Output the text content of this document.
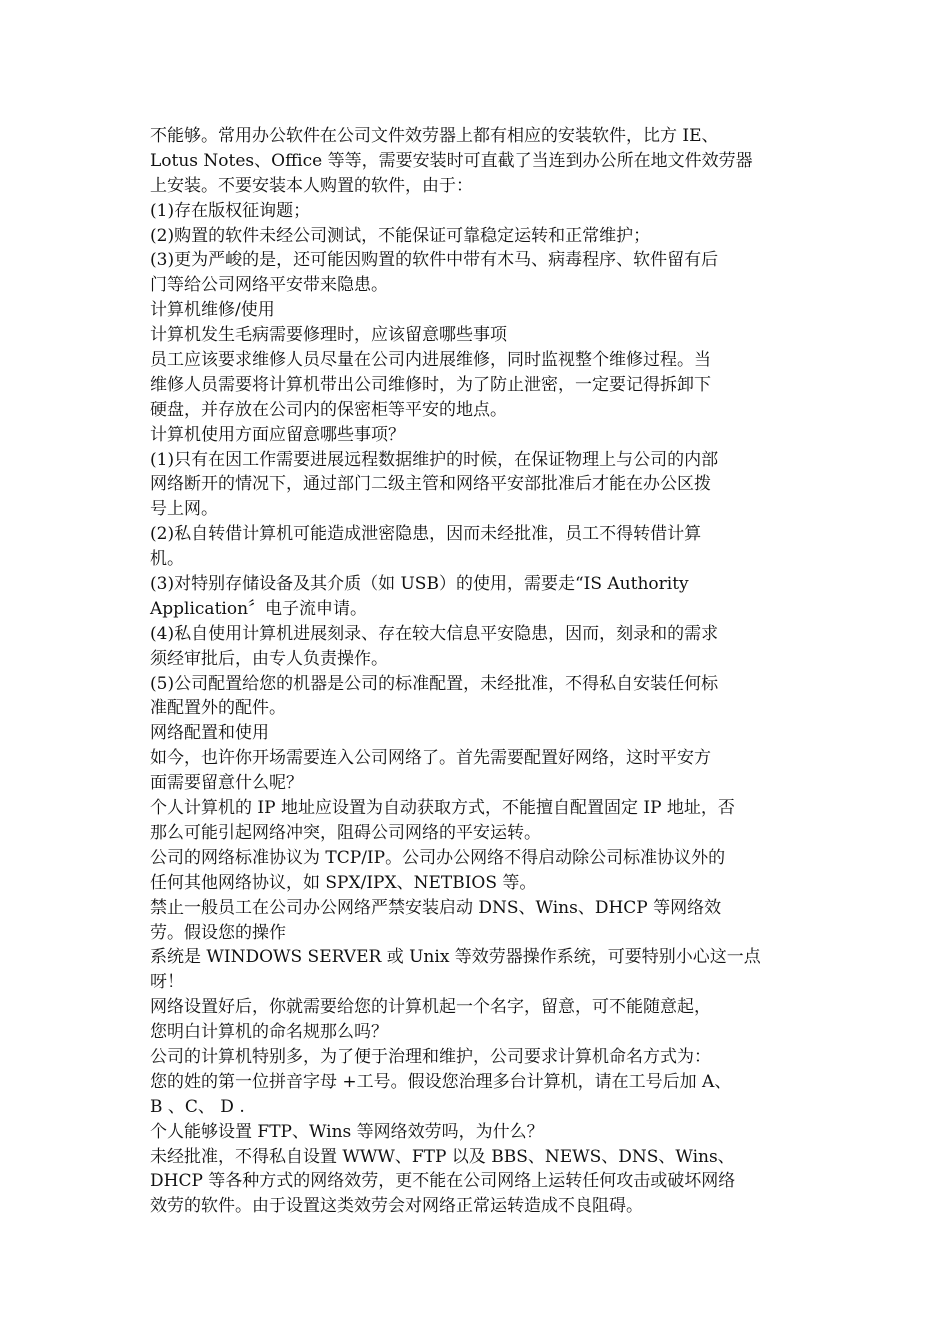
不能够。常用办公软件在公司文件效劳器上都有相应的安装软件，比方 IE、
Lotus Notes、Office 等等，需要安装时可直截了当连到办公所在地文件效劳器
上安装。不要安装本人购置的软件，由于：
(1)存在版权征询题；
(2)购置的软件未经公司测试，不能保证可靠稳定运转和正常维护；
(3)更为严峻的是，还可能因购置的软件中带有木马、病毒程序、软件留有后
门等给公司网络平安带来隐患。
计算机维修/使用
计算机发生毛病需要修理时，应该留意哪些事项
员工应该要求维修人员尽量在公司内进展维修，同时监视整个维修过程。当
维修人员需要将计算机带出公司维修时，为了防止泄密，一定要记得拆卸下
硬盘，并存放在公司内的保密柜等平安的地点。
计算机使用方面应留意哪些事项？
(1)只有在因工作需要进展远程数据维护的时候，在保证物理上与公司的内部
网络断开的情况下，通过部门二级主管和网络平安部批准后才能在办公区拨
号上网。
(2)私自转借计算机可能造成泄密隐患，因而未经批准，员工不得转借计算
机。
(3)对特别存储设备及其介质（如 USB）的使用，需要走“IS Authority
Application〞电子流申请。
(4)私自使用计算机进展刻录、存在较大信息平安隐患，因而，刻录和的需求
须经审批后，由专人负责操作。
(5)公司配置给您的机器是公司的标准配置，未经批准，不得私自安装任何标
准配置外的配件。
网络配置和使用
如今，也许你开场需要连入公司网络了。首先需要配置好网络，这时平安方
面需要留意什么呢？
个人计算机的 IP 地址应设置为自动获取方式，不能擅自配置固定 IP 地址，否
那么可能引起网络冲突，阻碍公司网络的平安运转。
公司的网络标准协议为 TCP/IP。公司办公网络不得启动除公司标准协议外的
任何其他网络协议，如 SPX/IPX、NETBIOS 等。
禁止一般员工在公司办公网络严禁安装启动 DNS、Wins、DHCP 等网络效
劳。假设您的操作
系统是 WINDOWS SERVER 或 Unix 等效劳器操作系统，可要特别小心这一点
呀！
网络设置好后，你就需要给您的计算机起一个名字，留意，可不能随意起，
您明白计算机的命名规那么吗？
公司的计算机特别多，为了便于治理和维护，公司要求计算机命名方式为：
您的姓的第一位拼音字母 +工号。假设您治理多台计算机，请在工号后加 A、
B 、C、 D .
个人能够设置 FTP、Wins 等网络效劳吗，为什么？
未经批准，不得私自设置 WWW、FTP 以及 BBS、NEWS、DNS、Wins、
DHCP 等各种方式的网络效劳，更不能在公司网络上运转任何攻击或破坏网络
效劳的软件。由于设置这类效劳会对网络正常运转造成不良阻碍。
